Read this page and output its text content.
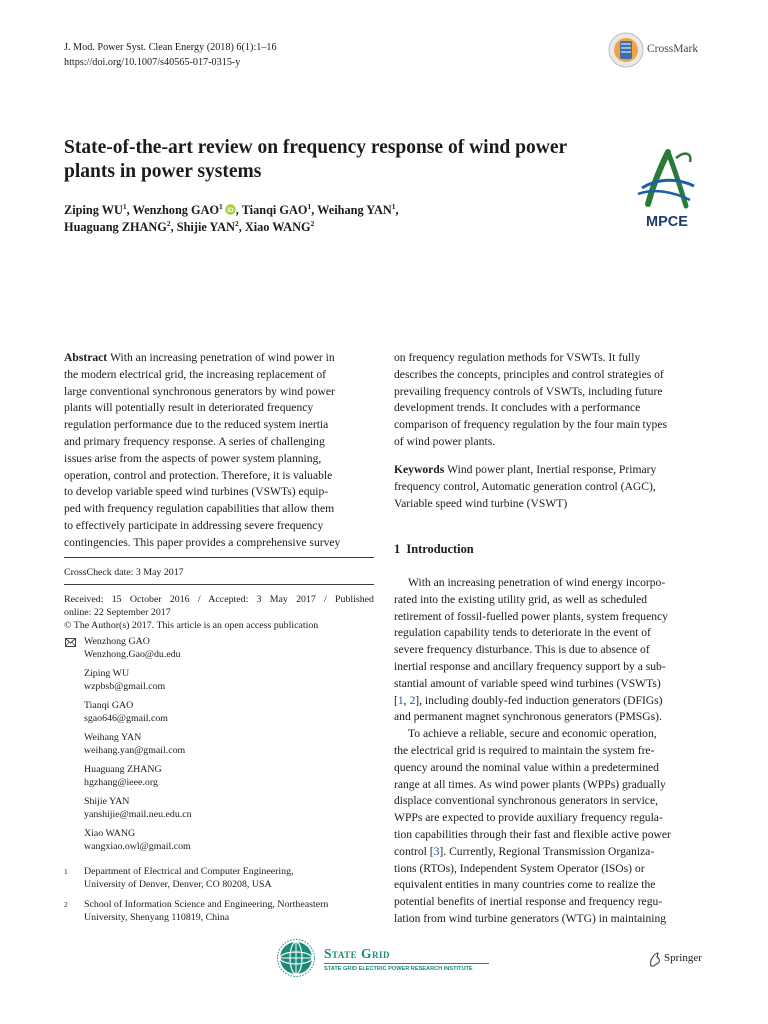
J. Mod. Power Syst. Clean Energy (2018) 6(1):1–16
https://doi.org/10.1007/s40565-017-0315-y
CrossMark
State-of-the-art review on frequency response of wind power
plants in power systems
MPCE
Ziping $WU^1$, Wenzhong GAO$^1$ iD , Tianqi GAO$^1$, Weihang YAN$^1$,
Huaguang ZHANG$^2$, Shijie YAN$^2$, Xiao WANG$^2$
Abstract With an increasing penetration of wind power in
the modern electrical grid, the increasing replacement of
large conventional synchronous generators by wind power
plants will potentially result in deteriorated frequency
regulation performance due to the reduced system inertia
and primary frequency response. A series of challenging
issues arise from the aspects of power system planning,
operation, control and protection. Therefore, it is valuable
to develop variable speed wind turbines (VSWTs) equip-
ped with frequency regulation capabilities that allow them
to effectively participate in addressing severe frequency
contingencies. This paper provides a comprehensive survey
CrossCheck date: 3 May 2017
Received: 15 October 2016 / Accepted: 3 May 2017 / Published
online: 22 September 2017
© The Author(s) 2017. This article is an open access publication
Wenzhong GAO
Wenzhong.Gao@du.edu
Ziping WU
wzpbsb@gmail.com
Tianqi GAO
sgao646@gmail.com
Weihang YAN
weihang.yan@gmail.com
Huaguang ZHANG
hgzhang@ieee.org
Shijie YAN
yanshijie@mail.neu.edu.cn
Xiao WANG
wangxiao.owl@gmail.com
1 Department of Electrical and Computer Engineering,
University of Denver, Denver, CO 80208, USA
2 School of Information Science and Engineering, Northeastern
University, Shenyang 110819, China
on frequency regulation methods for VSWTs. It fully
describes the concepts, principles and control strategies of
prevailing frequency controls of VSWTs, including future
development trends. It concludes with a performance
comparison of frequency regulation by the four main types
of wind power plants.
Keywords Wind power plant, Inertial response, Primary
frequency control, Automatic generation control (AGC),
Variable speed wind turbine (VSWT)
1 Introduction
With an increasing penetration of wind energy incorpo-
rated into the existing utility grid, as well as scheduled
retirement of fossil-fuelled power plants, system frequency
regulation capability tends to deteriorate in the event of
severe frequency disturbance. This is due to absence of
inertial response and ancillary frequency support by a sub-
stantial amount of variable speed wind turbines (VSWTs)
[1, 2], including doubly-fed induction generators (DFIGs)
and permanent magnet synchronous generators (PMSGs).
To achieve a reliable, secure and economic operation,
the electrical grid is required to maintain the system fre-
quency around the nominal value within a predetermined
range at all times. As wind power plants (WPPs) gradually
displace conventional synchronous generators in service,
WPPs are expected to provide auxiliary frequency regula-
tion capabilities through their fast and flexible active power
control [3]. Currently, Regional Transmission Organiza-
tions (RTOs), Independent System Operator (ISOs) or
equivalent entities in many countries come to realize the
potential benefits of inertial response and frequency regu-
lation from wind turbine generators (WTG) in maintaining
State Grid
STATE GRID ELECTRIC POWER RESEARCH INSTITUTE
Springer
